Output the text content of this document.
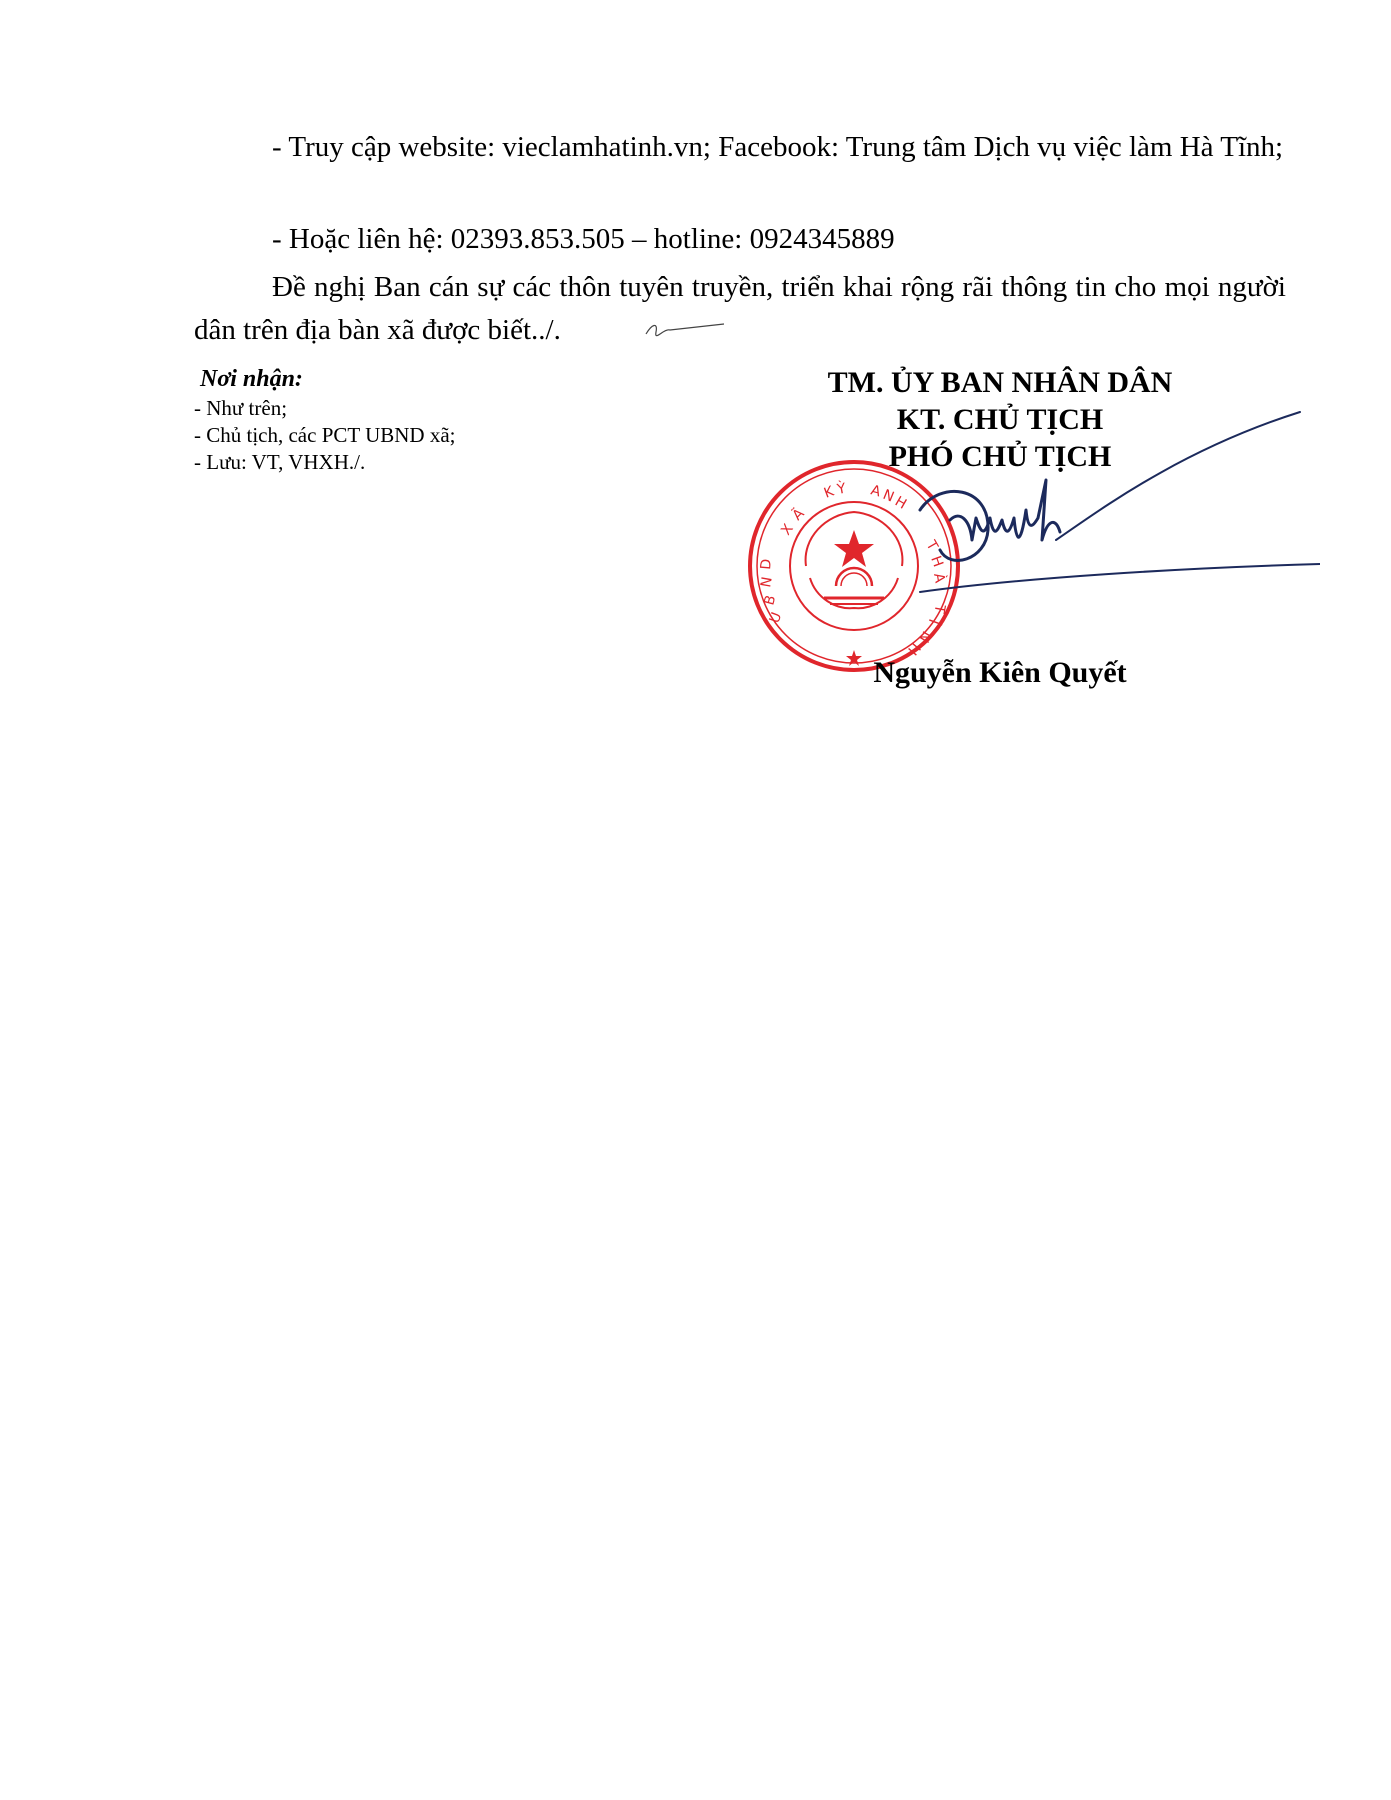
- Truy cập website: vieclamhatinh.vn; Facebook: Trung tâm Dịch vụ việc làm Hà Tĩnh;
- Hoặc liên hệ: 02393.853.505 – hotline: 0924345889
Đề nghị Ban cán sự các thôn tuyên truyền, triển khai rộng rãi thông tin cho mọi người dân trên địa bàn xã được biết../.
Nơi nhận:
- Như trên;
- Chủ tịch, các PCT UBND xã;
- Lưu: VT, VHXH./.
TM. ỦY BAN NHÂN DÂN
KT. CHỦ TỊCH
PHÓ CHỦ TỊCH
U
B
N
D
X
Ã
K Ỳ A
N
H
T
H
À
T
Ỉ
N
H
Nguyễn Kiên Quyết
